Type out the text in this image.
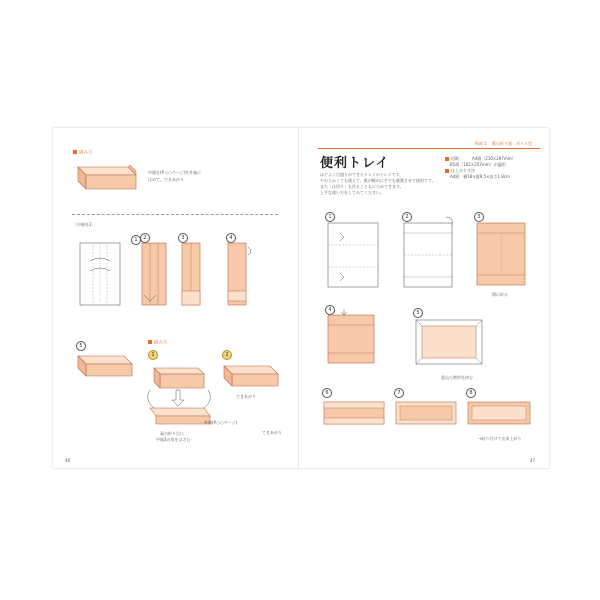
組み方
中箱を(P.○○ページ)を外箱に
はめて、できあがり
［中箱を2］
1	2	3	4
5	組み方
1	2
外箱(P.○○ページ)
裏の折り目に
中箱3の角をはさむ
できあがり
できあがり
46
Part 1 　紙の折り箱　ボトル型
便利トレイ
ほどよく目盛りができたトレイのトレイです。
やわらかくても使えて、紙が軽めに手でも補強させて使用です。
また「仕切り」も作ることもにためできます。
上手な使い方をしてみてください。
用紙	A4紙（210×297mm）
B5紙（182×257mm）が適用
仕上がり寸法
A4紙　横18×縦9.5×高さ1.8cm
1	2	3
間に折る
4	5
重ねた箇所を挟む
6	7	8
→貼り付けて出来上がり
47
